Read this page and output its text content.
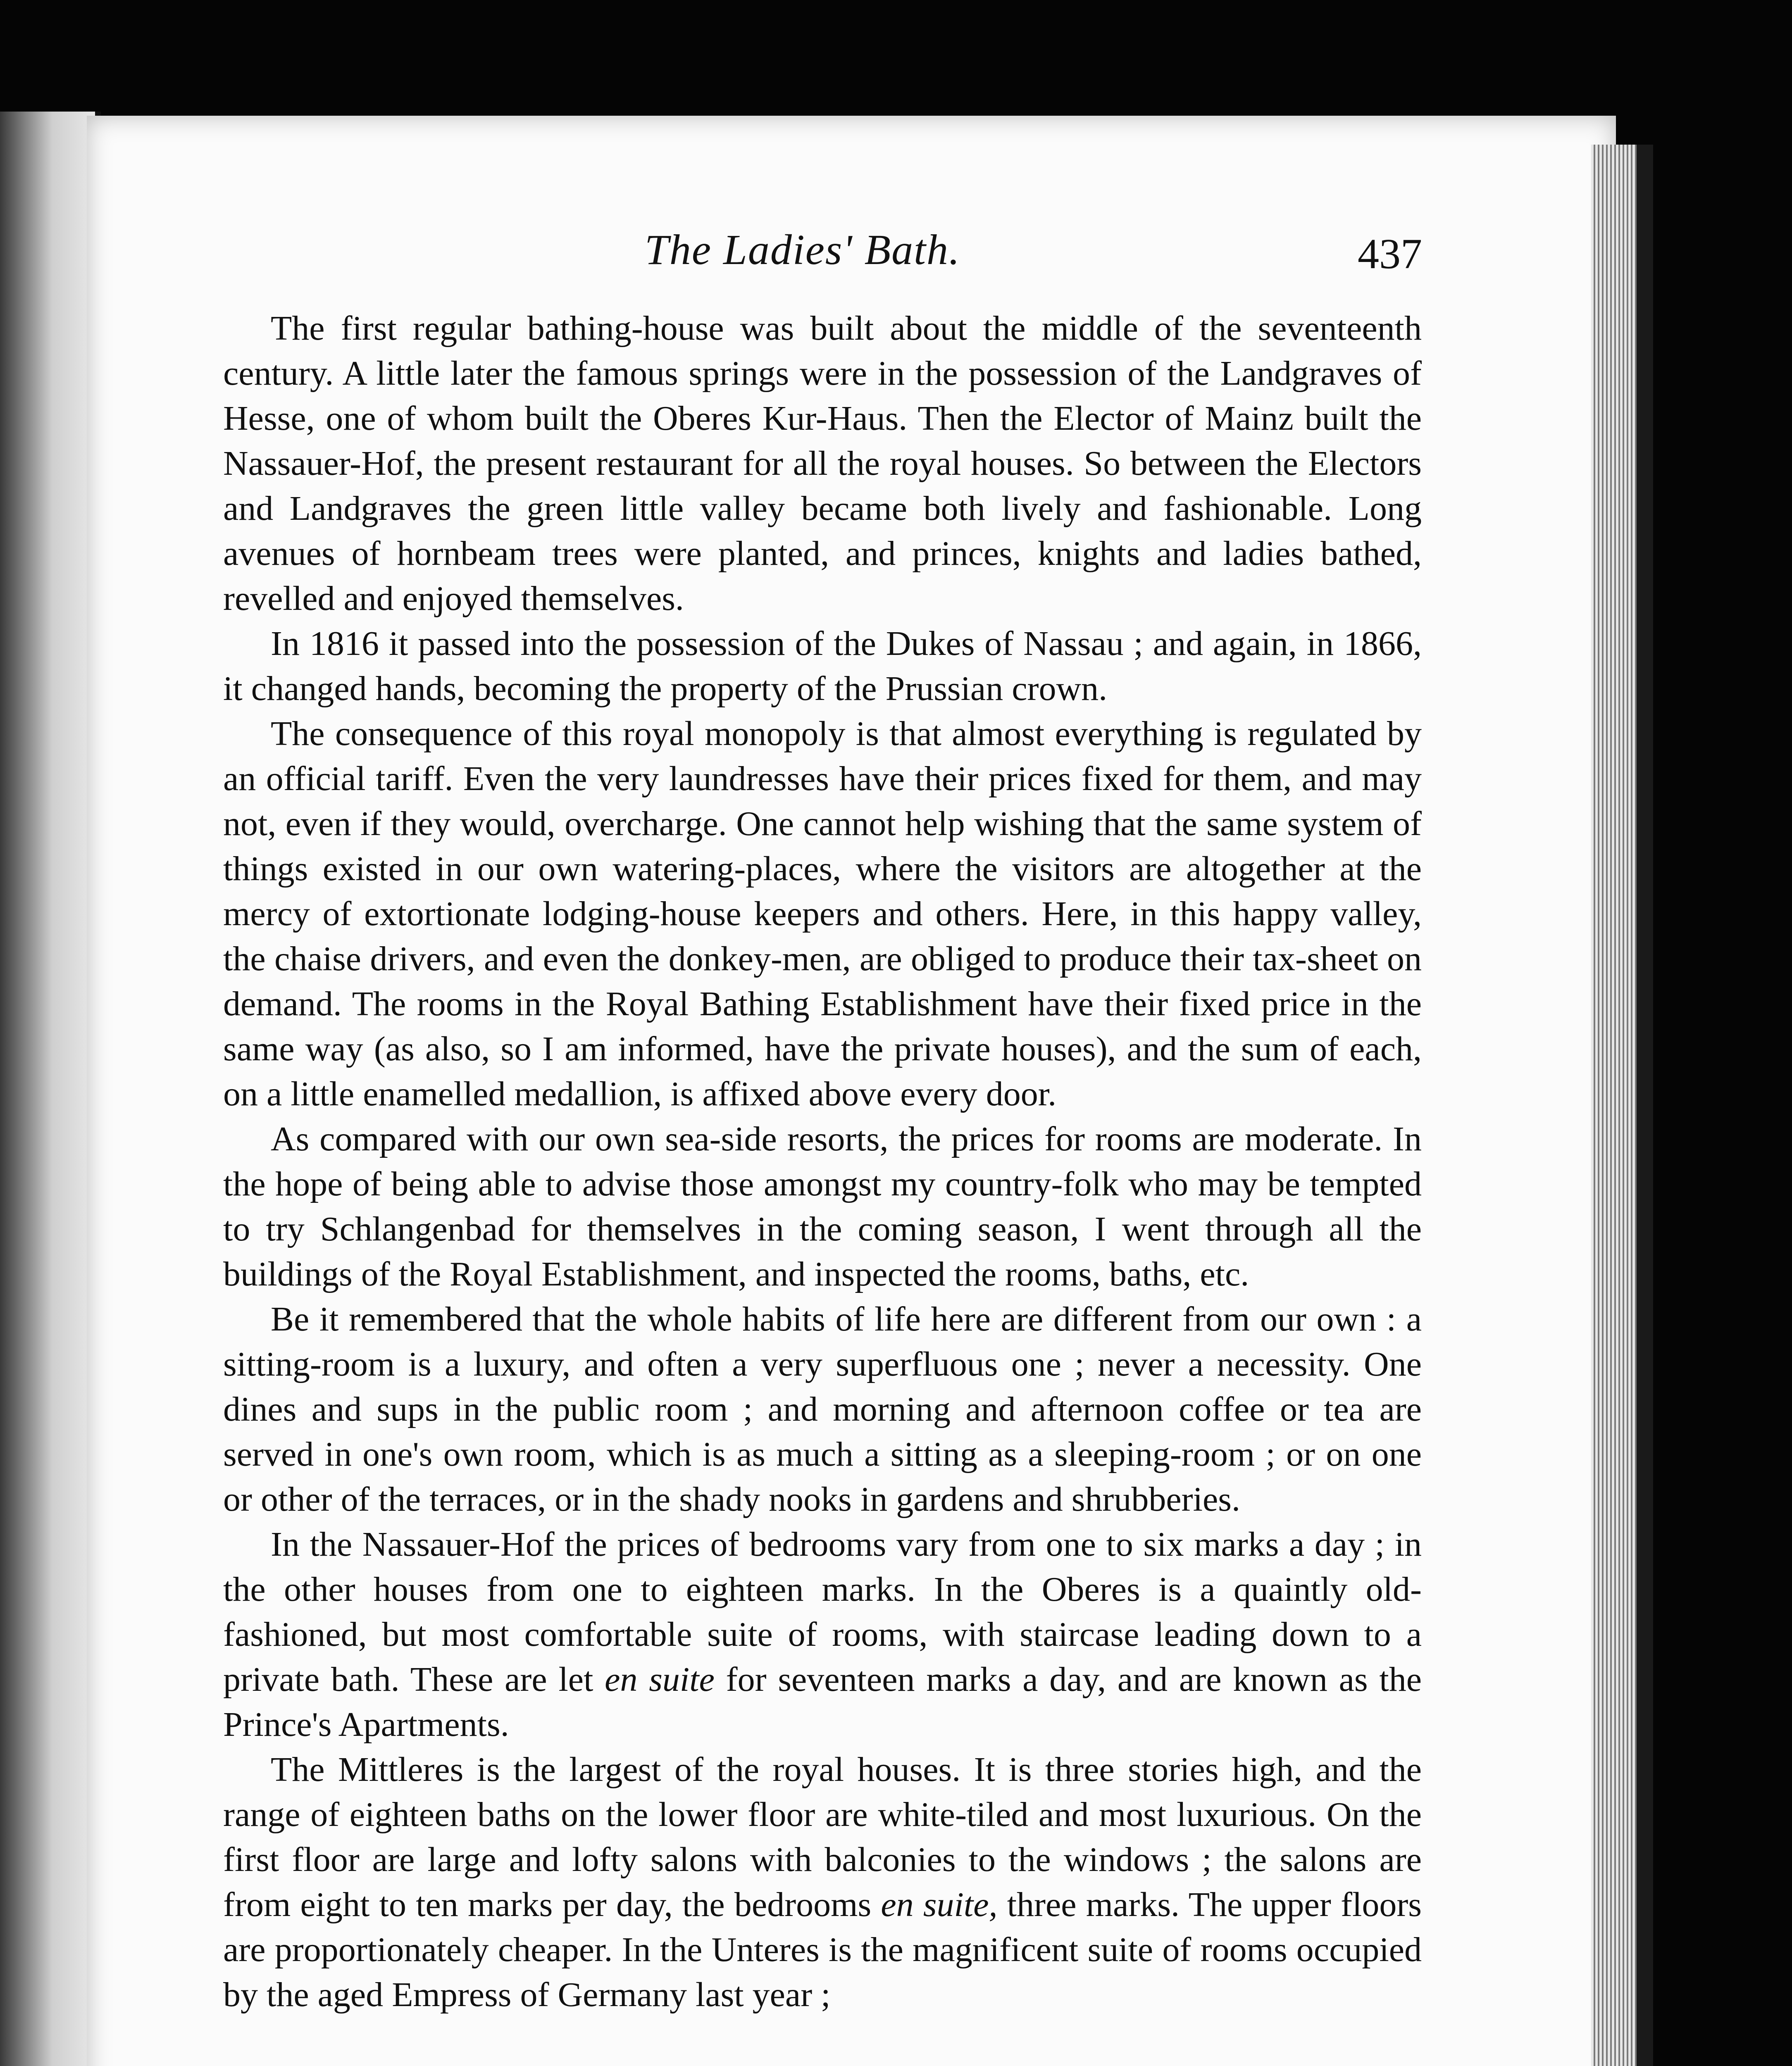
The Ladies' Bath.	437

The first regular bathing-house was built about the middle of the seventeenth century. A little later the famous springs were in the possession of the Landgraves of Hesse, one of whom built the Oberes Kur-Haus. Then the Elector of Mainz built the Nassauer-Hof, the present restaurant for all the royal houses. So between the Electors and Landgraves the green little valley became both lively and fashionable. Long avenues of hornbeam trees were planted, and princes, knights and ladies bathed, revelled and enjoyed themselves.

In 1816 it passed into the possession of the Dukes of Nassau ; and again, in 1866, it changed hands, becoming the property of the Prussian crown.

The consequence of this royal monopoly is that almost everything is regulated by an official tariff. Even the very laundresses have their prices fixed for them, and may not, even if they would, overcharge. One cannot help wishing that the same system of things existed in our own watering-places, where the visitors are altogether at the mercy of extortionate lodging-house keepers and others. Here, in this happy valley, the chaise drivers, and even the donkey-men, are obliged to produce their tax-sheet on demand. The rooms in the Royal Bathing Establishment have their fixed price in the same way (as also, so I am informed, have the private houses), and the sum of each, on a little enamelled medallion, is affixed above every door.

As compared with our own sea-side resorts, the prices for rooms are moderate. In the hope of being able to advise those amongst my country-folk who may be tempted to try Schlangenbad for themselves in the coming season, I went through all the buildings of the Royal Establishment, and inspected the rooms, baths, etc.

Be it remembered that the whole habits of life here are different from our own : a sitting-room is a luxury, and often a very superfluous one ; never a necessity. One dines and sups in the public room ; and morning and afternoon coffee or tea are served in one's own room, which is as much a sitting as a sleeping-room ; or on one or other of the terraces, or in the shady nooks in gardens and shrubberies.

In the Nassauer-Hof the prices of bedrooms vary from one to six marks a day ; in the other houses from one to eighteen marks. In the Oberes is a quaintly old-fashioned, but most comfortable suite of rooms, with staircase leading down to a private bath. These are let en suite for seventeen marks a day, and are known as the Prince's Apartments.

The Mittleres is the largest of the royal houses. It is three stories high, and the range of eighteen baths on the lower floor are white-tiled and most luxurious. On the first floor are large and lofty salons with balconies to the windows ; the salons are from eight to ten marks per day, the bedrooms en suite, three marks. The upper floors are proportionately cheaper. In the Unteres is the magnificent suite of rooms occupied by the aged Empress of Germany last year ;
